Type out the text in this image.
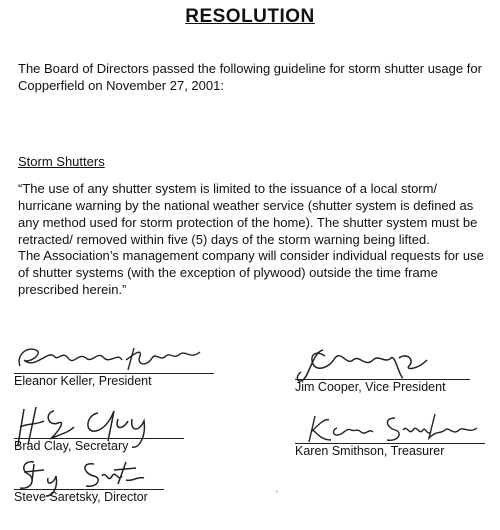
RESOLUTION

The Board of Directors passed the following guideline for storm shutter usage for Copperfield on November 27, 2001:

Storm Shutters

“The use of any shutter system is limited to the issuance of a local storm/ hurricane warning by the national weather service (shutter system is defined as any method used for storm protection of the home). The shutter system must be retracted/ removed within five (5) days of the storm warning being lifted.

The Association’s management company will consider individual requests for use of shutter systems (with the exception of plywood) outside the time frame prescribed herein.”

Eleanor Keller, President	Jim Cooper, Vice President
Brad Clay, Secretary	Karen Smithson, Treasurer
Steve Saretsky, Director	'
